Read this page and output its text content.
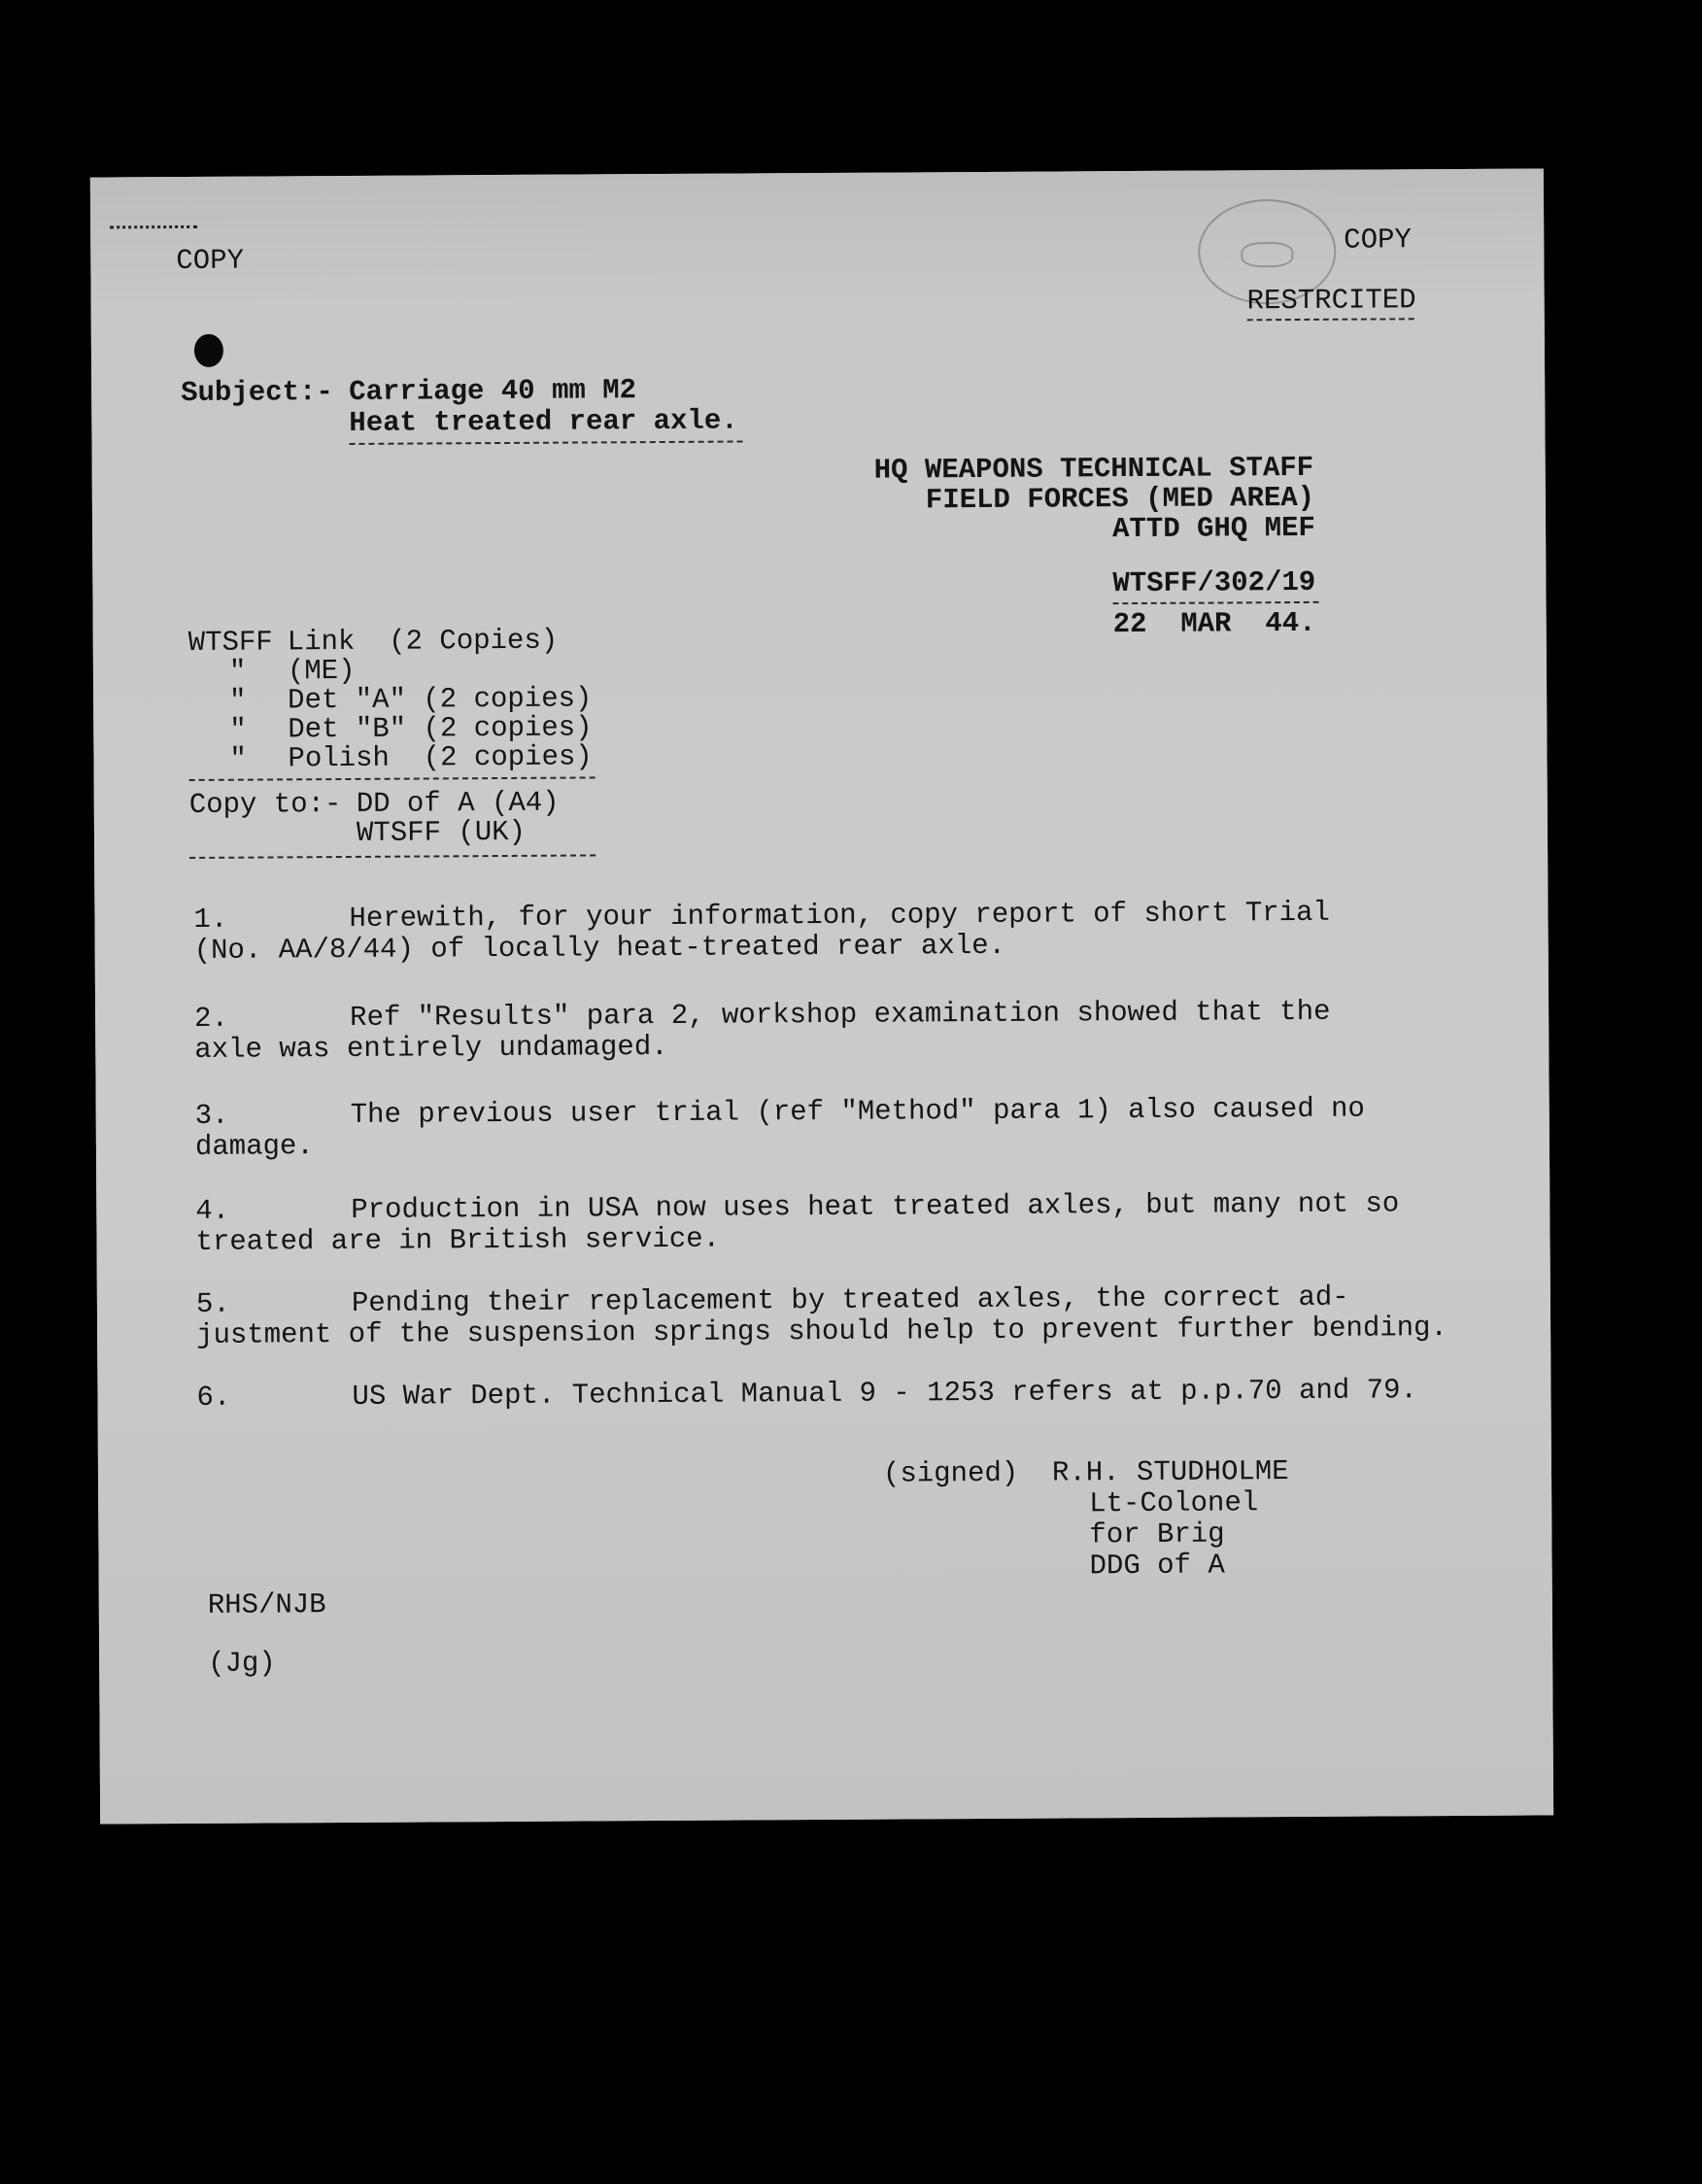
COPY
COPY
RESTRCITED
Subject:- Carriage 40 mm M2
Heat treated rear axle.
HQ WEAPONS TECHNICAL STAFF
FIELD FORCES (MED AREA)
ATTD GHQ MEF
WTSFF/302/19
22  MAR  44.
WTSFF Link  (2 Copies)
" (ME)
" Det "A" (2 copies)
" Det "B" (2 copies)
" Polish  (2 copies)
Copy to:- DD of A (A4)
WTSFF (UK)
1.	Herewith, for your information, copy report of short Trial
(No. AA/8/44) of locally heat-treated rear axle.
2.	Ref "Results" para 2, workshop examination showed that the
axle was entirely undamaged.
3.	The previous user trial (ref "Method" para 1) also caused no
damage.
4.	Production in USA now uses heat treated axles, but many not so
treated are in British service.
5.	Pending their replacement by treated axles, the correct ad-
justment of the suspension springs should help to prevent further bending.
6.	US War Dept. Technical Manual 9 - 1253 refers at p.p.70 and 79.
(signed) R.H. STUDHOLME
Lt-Colonel
for Brig
DDG of A
RHS/NJB
(Jg)
